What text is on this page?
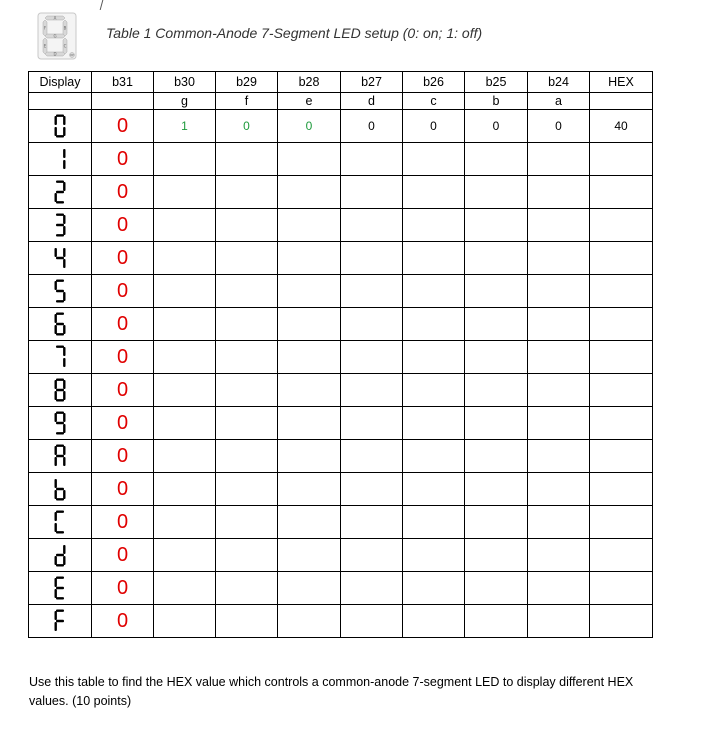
A
B
C
D
E
F
G
DP
Table 1 Common-Anode 7-Segment LED setup (0: on; 1: off)
Display	b31	b30	b29	b28	b27	b26	b25	b24	HEX
		g	f	e	d	c	b	a	

	0	1	0	0	0	0	0	0	40

	0								

	0								

	0								

	0								

	0								

	0								

	0								

	0								

	0								

	0								

	0								

	0								

	0								

	0								

	0								
Use this table to find the HEX value which controls a common-anode 7-segment LED to display different HEX values. (10 points)
